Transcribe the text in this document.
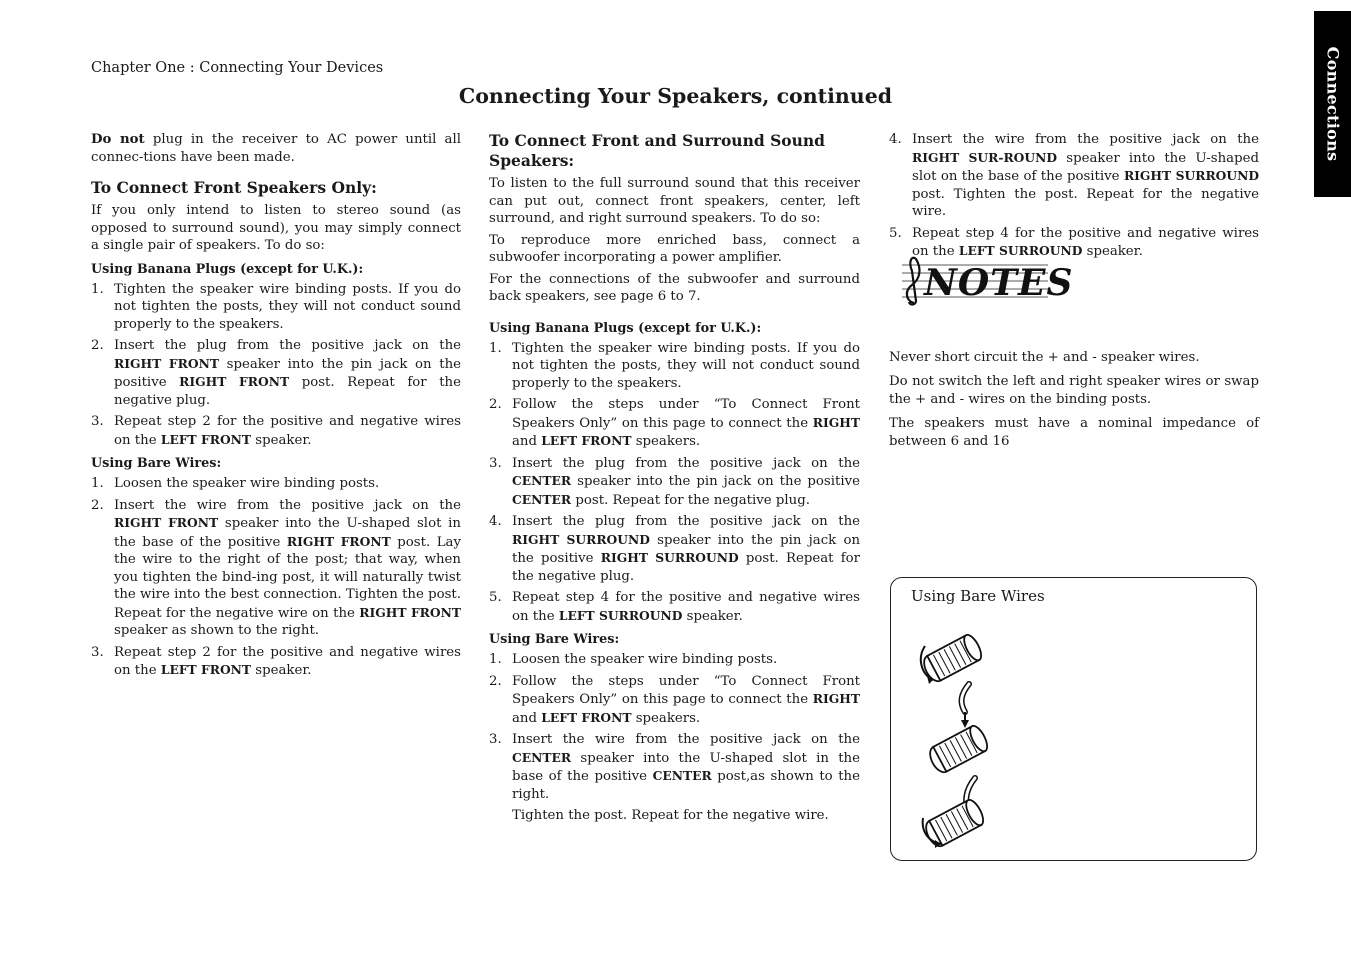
Connections
Chapter One : Connecting Your Devices
Connecting Your Speakers, continued

Do not plug in the receiver to AC power until all connec-tions have been made.

To Connect Front Speakers Only:

If you only intend to listen to stereo sound (as opposed to surround sound), you may simply connect a single pair of speakers. To do so:

Using Banana Plugs (except for U.K.):
1. Tighten the speaker wire binding posts. If you do not tighten the posts, they will not conduct sound properly to the speakers.
2. Insert the plug from the positive jack on the RIGHT FRONT speaker into the pin jack on the positive RIGHT FRONT post. Repeat for the negative plug.
3. Repeat step 2 for the positive and negative wires on the LEFT FRONT speaker.
Using Bare Wires:
1. Loosen the speaker wire binding posts.
2. Insert the wire from the positive jack on the RIGHT FRONT speaker into the U-shaped slot in the base of the positive RIGHT FRONT post. Lay the wire to the right of the post; that way, when you tighten the bind-ing post, it will naturally twist the wire into the best connection. Tighten the post. Repeat for the negative wire on the RIGHT FRONT speaker as shown to the right.
3. Repeat step 2 for the positive and negative wires on the LEFT FRONT speaker.
To Connect Front and Surround Sound Speakers:

To listen to the full surround sound that this receiver can put out, connect front speakers, center, left surround, and right surround speakers. To do so:

To reproduce more enriched bass, connect a subwoofer incorporating a power amplifier.

For the connections of the subwoofer and surround back speakers, see page 6 to 7.

Using Banana Plugs (except for U.K.):
1. Tighten the speaker wire binding posts. If you do not tighten the posts, they will not conduct sound properly to the speakers.
2. Follow the steps under “To Connect Front Speakers Only” on this page to connect the RIGHT and LEFT FRONT speakers.
3. Insert the plug from the positive jack on the CENTER speaker into the pin jack on the positive CENTER post. Repeat for the negative plug.
4. Insert the plug from the positive jack on the RIGHT SURROUND speaker into the pin jack on the positive RIGHT SURROUND post. Repeat for the negative plug.
5. Repeat step 4 for the positive and negative wires on the LEFT SURROUND speaker.
Using Bare Wires:
1. Loosen the speaker wire binding posts.
2. Follow the steps under “To Connect Front Speakers Only” on this page to connect the RIGHT and LEFT FRONT speakers.
3. Insert the wire from the positive jack on the CENTER speaker into the U-shaped slot in the base of the positive CENTER post,as shown to the right.

Tighten the post. Repeat for the negative wire.

4. Insert the wire from the positive jack on the RIGHT SUR-ROUND speaker into the U-shaped slot on the base of the positive RIGHT SURROUND post. Tighten the post. Repeat for the negative wire.
5. Repeat step 4 for the positive and negative wires on the LEFT SURROUND speaker.

Never short circuit the + and - speaker wires.

Do not switch the left and right speaker wires or swap the + and - wires on the binding posts.

The speakers must have a nominal impedance of between 6 and 16

NOTES
Using Bare Wires
